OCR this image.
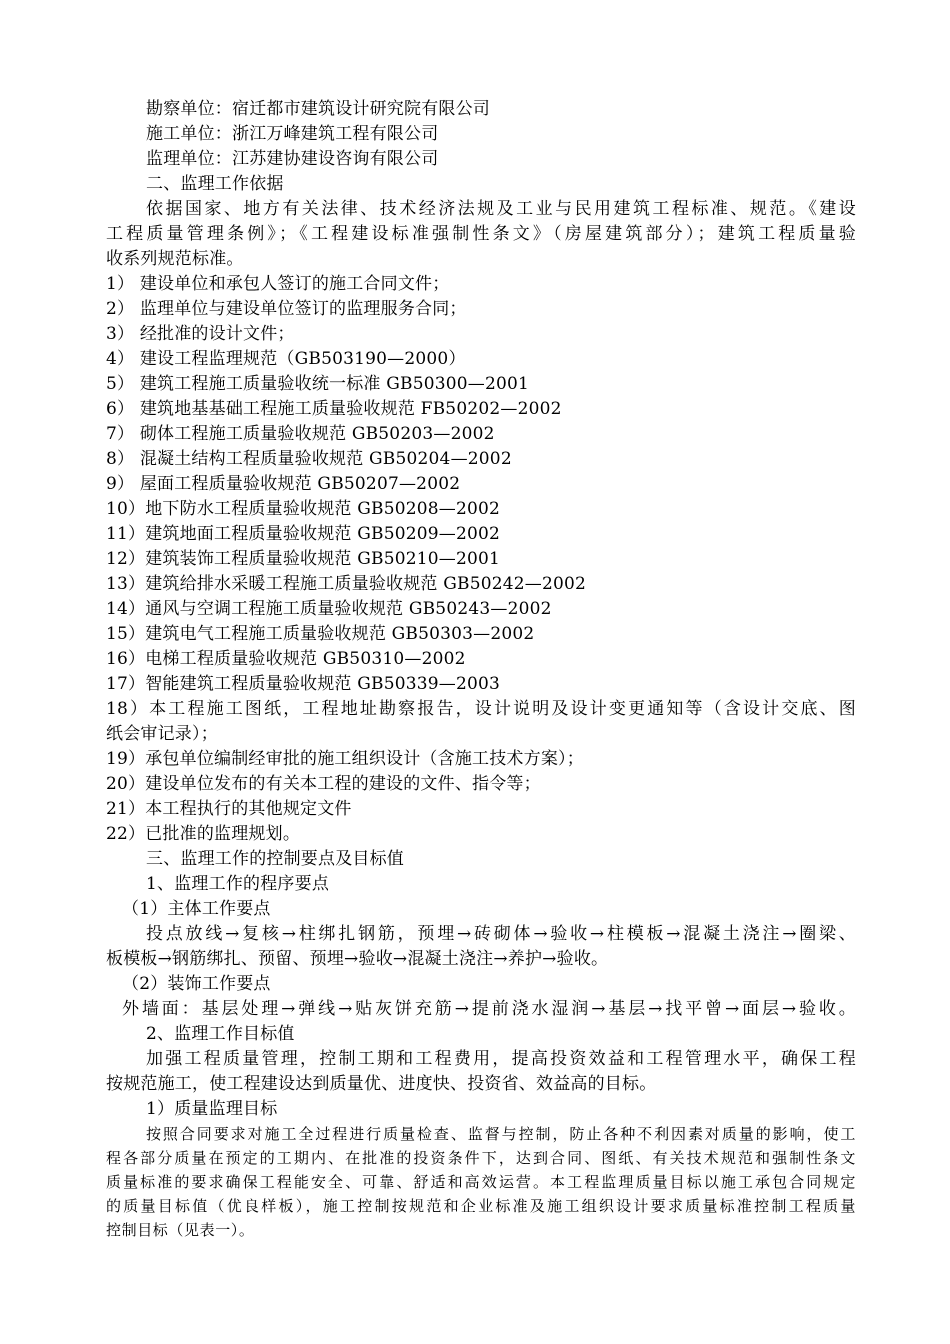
勘察单位：宿迁都市建筑设计研究院有限公司
施工单位：浙江万峰建筑工程有限公司
监理单位：江苏建协建设咨询有限公司
二、监理工作依据
依据国家、地方有关法律、技术经济法规及工业与民用建筑工程标准、规范。《建设
工程质量管理条例》；《工程建设标准强制性条文》（房屋建筑部分）；建筑工程质量验
收系列规范标准。
1） 建设单位和承包人签订的施工合同文件；
2） 监理单位与建设单位签订的监理服务合同；
3） 经批准的设计文件；
4） 建设工程监理规范（GB503190—2000）
5） 建筑工程施工质量验收统一标准 GB50300—2001
6） 建筑地基基础工程施工质量验收规范 FB50202—2002
7） 砌体工程施工质量验收规范 GB50203—2002
8） 混凝土结构工程质量验收规范 GB50204—2002
9） 屋面工程质量验收规范 GB50207—2002
10）地下防水工程质量验收规范 GB50208—2002
11）建筑地面工程质量验收规范 GB50209—2002
12）建筑装饰工程质量验收规范 GB50210—2001
13）建筑给排水采暖工程施工质量验收规范 GB50242—2002
14）通风与空调工程施工质量验收规范 GB50243—2002
15）建筑电气工程施工质量验收规范 GB50303—2002
16）电梯工程质量验收规范 GB50310—2002
17）智能建筑工程质量验收规范 GB50339—2003
18）本工程施工图纸，工程地址勘察报告，设计说明及设计变更通知等（含设计交底、图
纸会审记录）；
19）承包单位编制经审批的施工组织设计（含施工技术方案）；
20）建设单位发布的有关本工程的建设的文件、指令等；
21）本工程执行的其他规定文件
22）已批准的监理规划。
三、监理工作的控制要点及目标值
1、监理工作的程序要点
（1）主体工作要点
投点放线→复核→柱绑扎钢筋，预埋→砖砌体→验收→柱模板→混凝土浇注→圈梁、
板模板→钢筋绑扎、预留、预埋→验收→混凝土浇注→养护→验收。
（2）装饰工作要点
外墙面：基层处理→弹线→贴灰饼充筋→提前浇水湿润→基层→找平曾→面层→验收。
2、监理工作目标值
加强工程质量管理，控制工期和工程费用，提高投资效益和工程管理水平，确保工程
按规范施工，使工程建设达到质量优、进度快、投资省、效益高的目标。
1）质量监理目标
按照合同要求对施工全过程进行质量检查、监督与控制，防止各种不利因素对质量的影响，使工
程各部分质量在预定的工期内、在批准的投资条件下，达到合同、图纸、有关技术规范和强制性条文
质量标准的要求确保工程能安全、可靠、舒适和高效运营。本工程监理质量目标以施工承包合同规定
的质量目标值（优良样板），施工控制按规范和企业标准及施工组织设计要求质量标准控制工程质量
控制目标（见表一）。
